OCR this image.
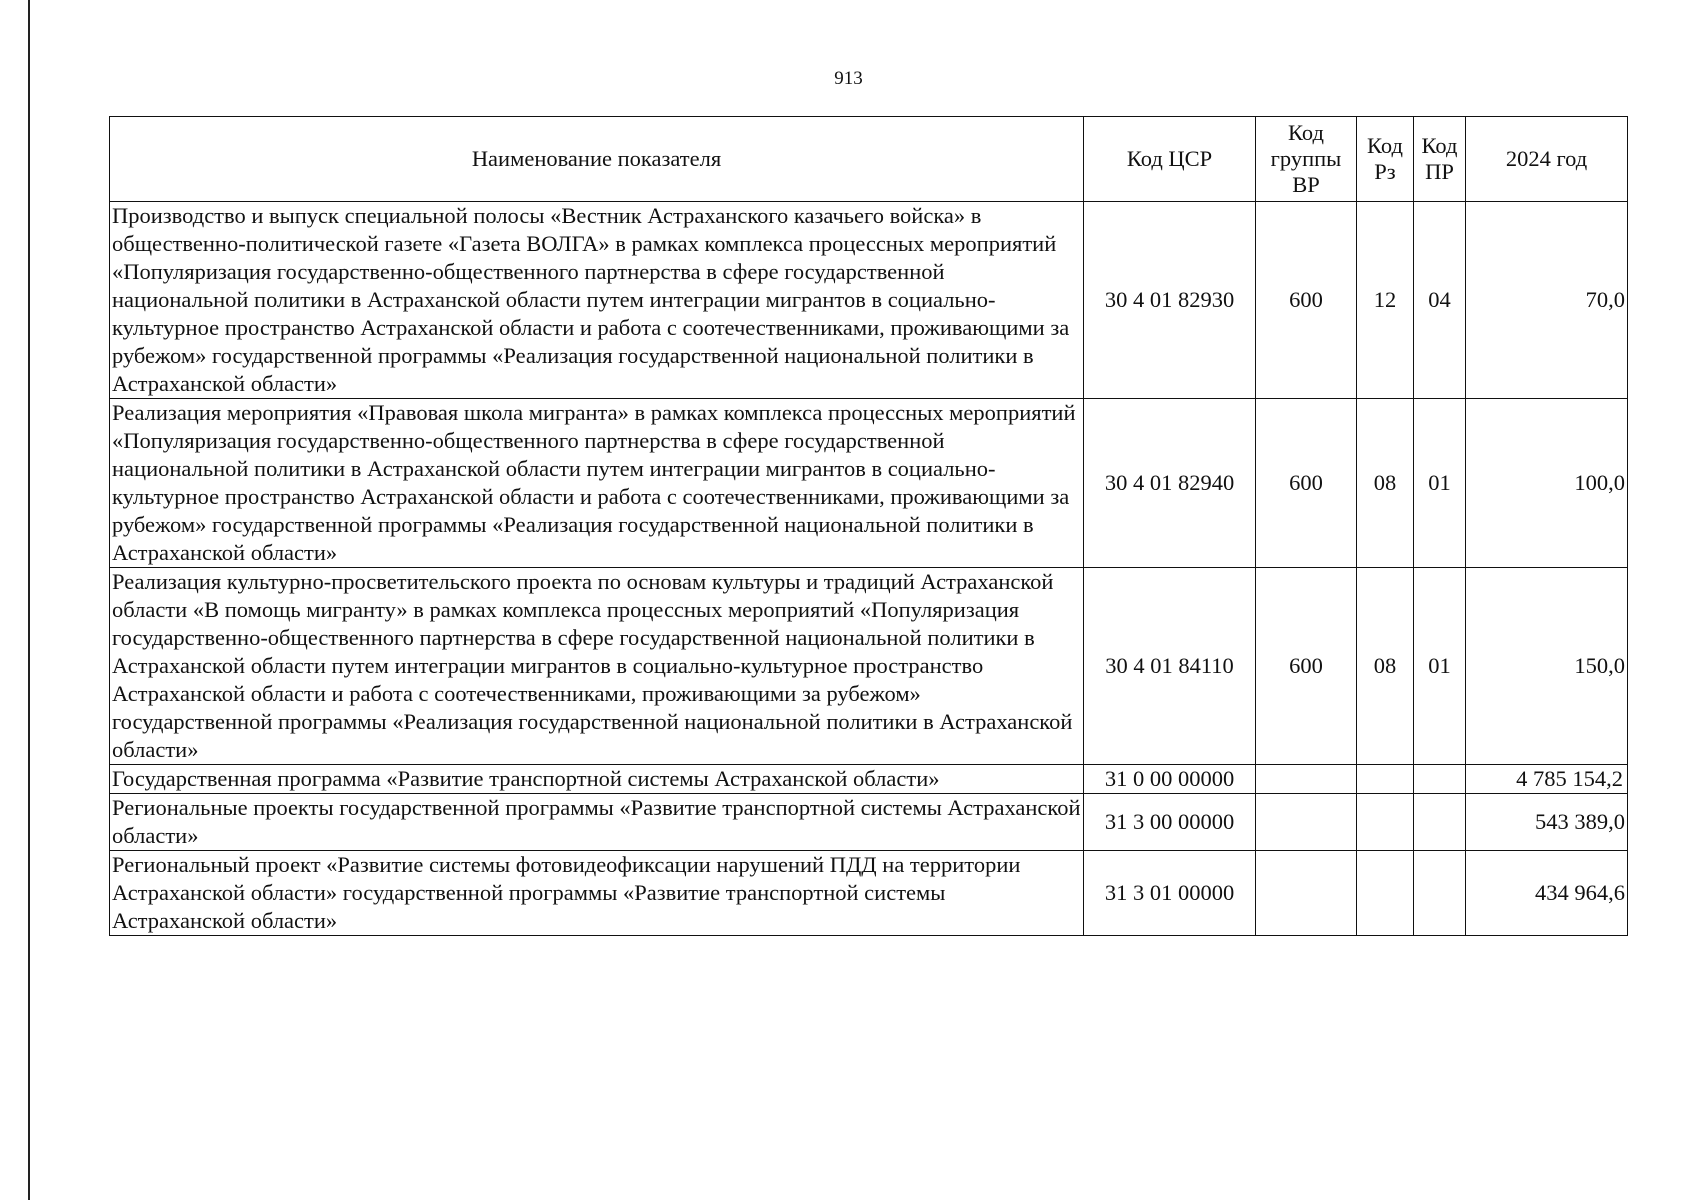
913
Наименование показателя	Код ЦСР	Код группы ВР	Код Рз	Код ПР	2024 год
Производство и выпуск специальной полосы «Вестник Астраханского казачьего войска» в общественно-политической газете «Газета ВОЛГА» в рамках комплекса процессных мероприятий «Популяризация государственно-общественного партнерства в сфере государственной национальной политики в Астраханской области путем интеграции мигрантов в социально-культурное пространство Астраханской области и работа с соотечественниками, проживающими за рубежом» государственной программы «Реализация государственной национальной политики в Астраханской области»	30 4 01 82930	600	12	04	70,0
Реализация мероприятия «Правовая школа мигранта» в рамках комплекса процессных мероприятий «Популяризация государственно-общественного партнерства в сфере государственной национальной политики в Астраханской области путем интеграции мигрантов в социально-культурное пространство Астраханской области и работа с соотечественниками, проживающими за рубежом» государственной программы «Реализация государственной национальной политики в Астраханской области»	30 4 01 82940	600	08	01	100,0
Реализация культурно-просветительского проекта по основам культуры и традиций Астраханской области «В помощь мигранту» в рамках комплекса процессных мероприятий «Популяризация государственно-общественного партнерства в сфере государственной национальной политики в Астраханской области путем интеграции мигрантов в социально-культурное пространство Астраханской области и работа с соотечественниками, проживающими за рубежом» государственной программы «Реализация государственной национальной политики в Астраханской области»	30 4 01 84110	600	08	01	150,0
Государственная программа «Развитие транспортной системы Астраханской области»	31 0 00 00000				4 785 154,2
Региональные проекты государственной программы «Развитие транспортной системы Астраханской области»	31 3 00 00000				543 389,0
Региональный проект «Развитие системы фотовидеофиксации нарушений ПДД на территории Астраханской области» государственной программы «Развитие транспортной системы Астраханской области»	31 3 01 00000				434 964,6
